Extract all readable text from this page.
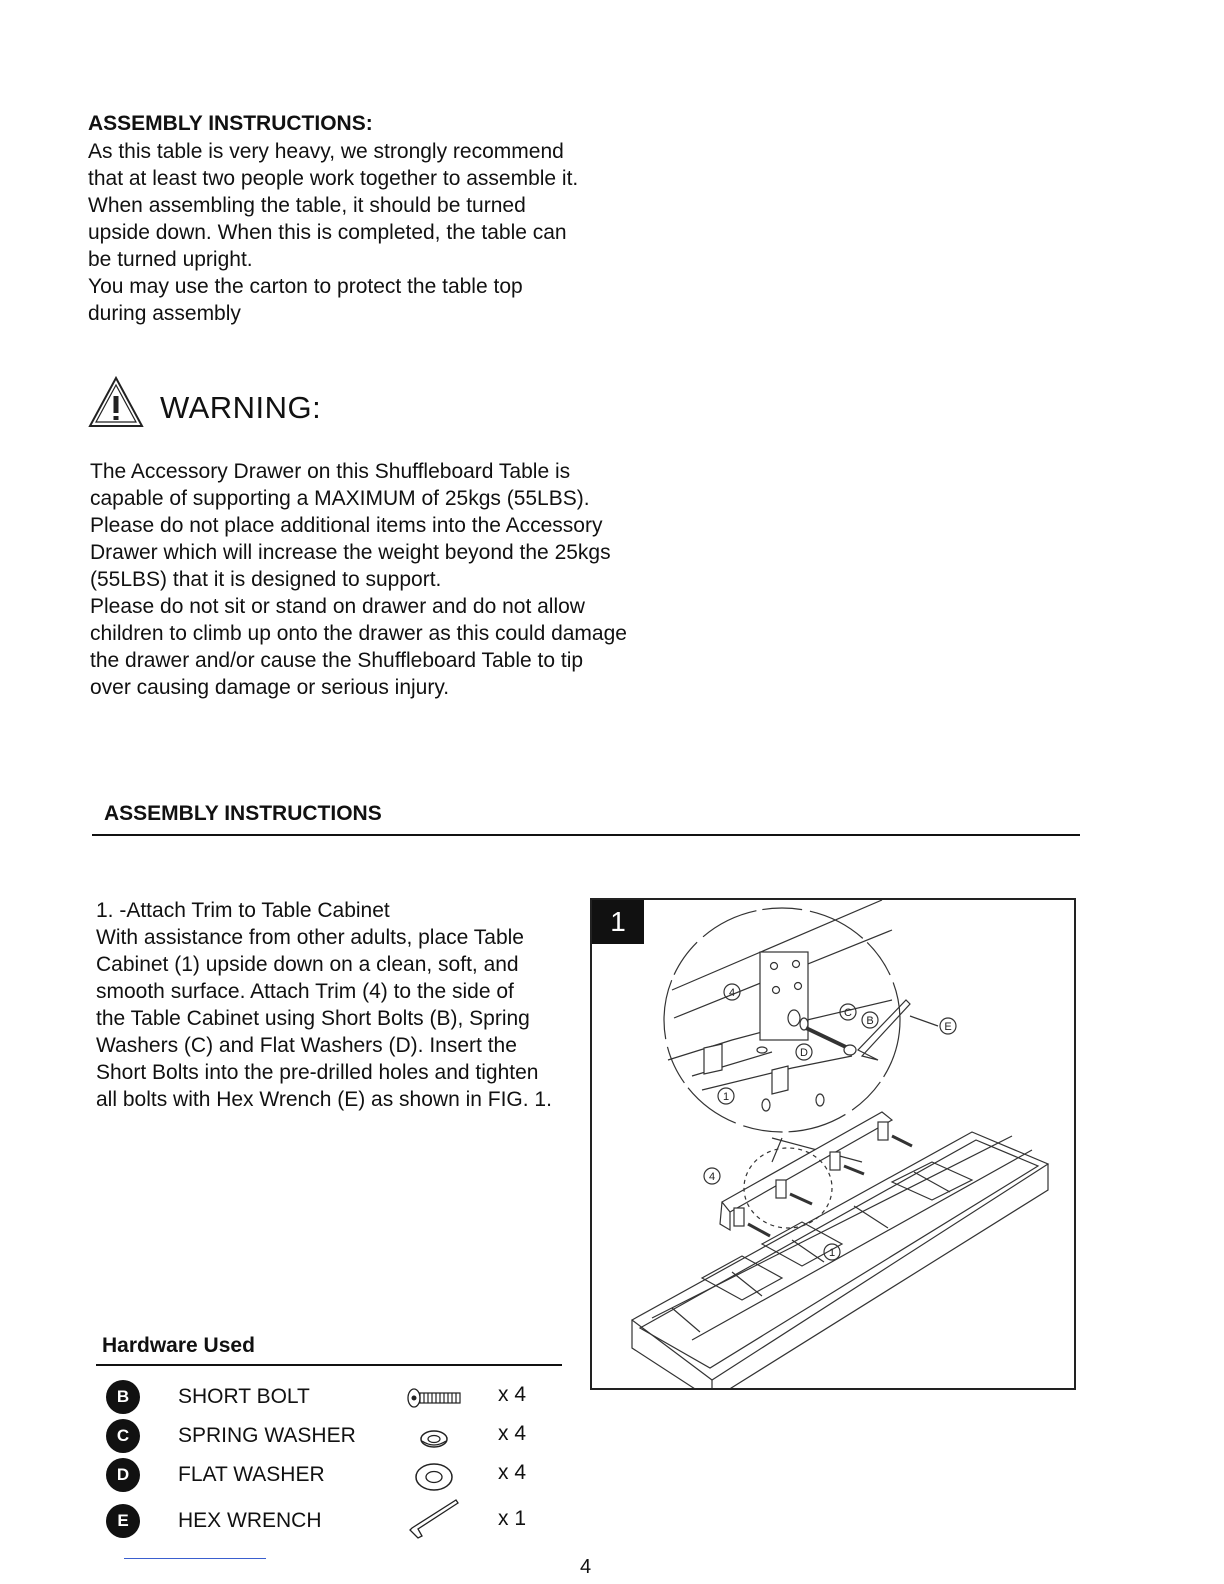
ASSEMBLY INSTRUCTIONS:

As this table is very heavy, we strongly recommend

that at least two people work together to assemble it.

When assembling the table, it should be turned

upside down. When this is completed, the table can

be turned upright.

You may use the carton to protect the table top

during assembly

WARNING:

The Accessory Drawer on this Shuffleboard Table is

capable of supporting a MAXIMUM of 25kgs (55LBS).

Please do not place additional items into the Accessory

Drawer which will increase the weight beyond the 25kgs

(55LBS) that it is designed to support.

Please do not sit or stand on drawer and do not allow

children to climb up onto the drawer as this could damage

the drawer and/or cause the Shuffleboard Table to tip

over causing damage or serious injury.

ASSEMBLY INSTRUCTIONS

1. -Attach Trim to Table Cabinet

With assistance from other adults, place Table

Cabinet (1) upside down on a clean, soft, and

smooth surface. Attach Trim (4) to the side of

the Table Cabinet using Short Bolts (B), Spring

Washers (C) and Flat Washers (D). Insert the

Short Bolts into the pre-drilled holes and tighten

all bolts with Hex Wrench (E) as shown in FIG. 1.

1
4
C
B
D
E
1
4
1
Hardware Used
B	SHORT BOLT	x 4
C	SPRING WASHER	x 4
D	FLAT WASHER	x 4
E	HEX WRENCH	x 1
4
